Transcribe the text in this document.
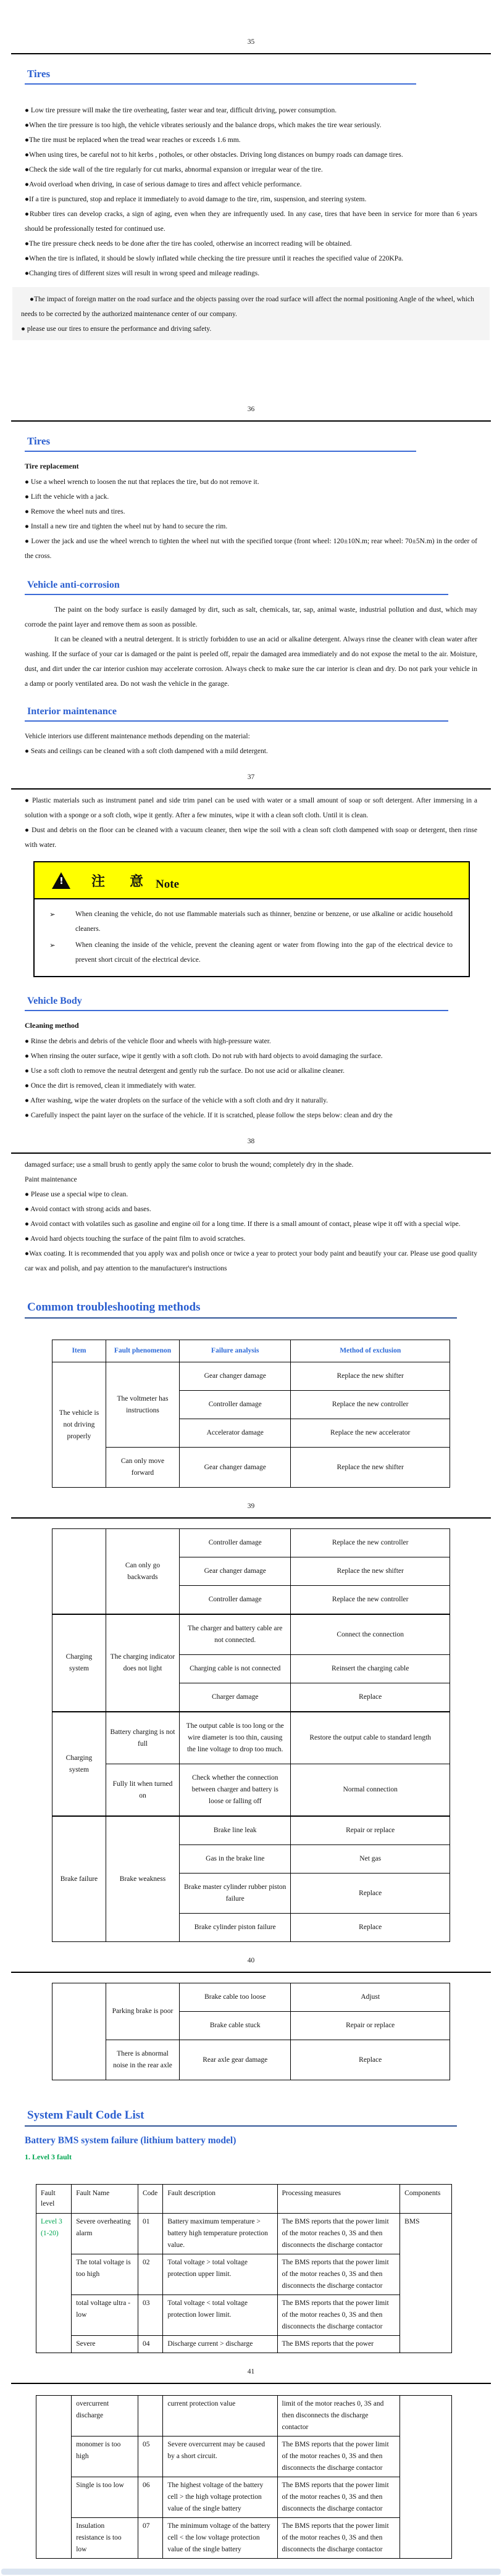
35
Tires

● Low tire pressure will make the tire overheating, faster wear and tear, difficult driving, power consumption.

●When the tire pressure is too high, the vehicle vibrates seriously and the balance drops, which makes the tire wear seriously.

●The tire must be replaced when the tread wear reaches or exceeds 1.6 mm.

●When using tires, be careful not to hit kerbs , potholes, or other obstacles. Driving long distances on bumpy roads can damage tires.

●Check the side wall of the tire regularly for cut marks, abnormal expansion or irregular wear of the tire.

●Avoid overload when driving, in case of serious damage to tires and affect vehicle performance.

●If a tire is punctured, stop and replace it immediately to avoid damage to the tire, rim, suspension, and steering system.

●Rubber tires can develop cracks, a sign of aging, even when they are infrequently used. In any case, tires that have been in service for more than 6 years should be professionally tested for continued use.

●The tire pressure check needs to be done after the tire has cooled, otherwise an incorrect reading will be obtained.

●When the tire is inflated, it should be slowly inflated while checking the tire pressure until it reaches the specified value of 220KPa.

●Changing tires of different sizes will result in wrong speed and mileage readings.

●The impact of foreign matter on the road surface and the objects passing over the road surface will affect the normal positioning Angle of the wheel, which needs to be corrected by the authorized maintenance center of our company.

● please use our tires to ensure the performance and driving safety.

36
Tires

Tire replacement

● Use a wheel wrench to loosen the nut that replaces the tire, but do not remove it.

● Lift the vehicle with a jack.

● Remove the wheel nuts and tires.

● Install a new tire and tighten the wheel nut by hand to secure the rim.

● Lower the jack and use the wheel wrench to tighten the wheel nut with the specified torque (front wheel: 120±10N.m; rear wheel: 70±5N.m) in the order of the cross.

Vehicle anti-corrosion

The paint on the body surface is easily damaged by dirt, such as salt, chemicals, tar, sap, animal waste, industrial pollution and dust, which may corrode the paint layer and remove them as soon as possible.

It can be cleaned with a neutral detergent. It is strictly forbidden to use an acid or alkaline detergent. Always rinse the cleaner with clean water after washing. If the surface of your car is damaged or the paint is peeled off, repair the damaged area immediately and do not expose the metal to the air. Moisture, dust, and dirt under the car interior cushion may accelerate corrosion. Always check to make sure the car interior is clean and dry. Do not park your vehicle in a damp or poorly ventilated area. Do not wash the vehicle in the garage.

Interior maintenance

Vehicle interiors use different maintenance methods depending on the material:

● Seats and ceilings can be cleaned with a soft cloth dampened with a mild detergent.

37

● Plastic materials such as instrument panel and side trim panel can be used with water or a small amount of soap or soft detergent. After immersing in a solution with a sponge or a soft cloth, wipe it gently. After a few minutes, wipe it with a clean soft cloth. Until it is clean.

● Dust and debris on the floor can be cleaned with a vacuum cleaner, then wipe the soil with a clean soft cloth dampened with soap or detergent, then rinse with water.

! 注 意 Note
➢	When cleaning the vehicle, do not use flammable materials such as thinner, benzine or benzene, or use alkaline or acidic household cleaners.

➢	When cleaning the inside of the vehicle, prevent the cleaning agent or water from flowing into the gap of the electrical device to prevent short circuit of the electrical device.

Vehicle Body

Cleaning method

● Rinse the debris and debris of the vehicle floor and wheels with high-pressure water.

● When rinsing the outer surface, wipe it gently with a soft cloth. Do not rub with hard objects to avoid damaging the surface.

● Use a soft cloth to remove the neutral detergent and gently rub the surface. Do not use acid or alkaline cleaner.

● Once the dirt is removed, clean it immediately with water.

● After washing, wipe the water droplets on the surface of the vehicle with a soft cloth and dry it naturally.

● Carefully inspect the paint layer on the surface of the vehicle. If it is scratched, please follow the steps below: clean and dry the

38

damaged surface; use a small brush to gently apply the same color to brush the wound; completely dry in the shade.

Paint maintenance

● Please use a special wipe to clean.

● Avoid contact with strong acids and bases.

● Avoid contact with volatiles such as gasoline and engine oil for a long time. If there is a small amount of contact, please wipe it off with a special wipe.

● Avoid hard objects touching the surface of the paint film to avoid scratches.

●Wax coating. It is recommended that you apply wax and polish once or twice a year to protect your body paint and beautify your car. Please use good quality car wax and polish, and pay attention to the manufacturer's instructions

Common troubleshooting methods
Item	Fault phenomenon	Failure analysis	Method of exclusion
The vehicle is not driving properly	The voltmeter has instructions	Gear changer damage	Replace the new shifter
		Controller damage	Replace the new controller
		Accelerator damage	Replace the new accelerator
	Can only move forward	Gear changer damage	Replace the new shifter
39
	Can only go backwards	Controller damage	Replace the new controller
		Gear changer damage	Replace the new shifter
		Controller damage	Replace the new controller
Charging system	The charging indicator does not light	The charger and battery cable are not connected.	Connect the connection
		Charging cable is not connected	Reinsert the charging cable
		Charger damage	Replace
Charging system	Battery charging is not full	The output cable is too long or the wire diameter is too thin, causing the line voltage to drop too much.	Restore the output cable to standard length
	Fully lit when turned on	Check whether the connection between charger and battery is loose or falling off	Normal connection
Brake failure	Brake weakness	Brake line leak	Repair or replace
		Gas in the brake line	Net gas
		Brake master cylinder rubber piston failure	Replace
		Brake cylinder piston failure	Replace
40
	Parking brake is poor	Brake cable too loose	Adjust
		Brake cable stuck	Repair or replace
	There is abnormal noise in the rear axle	Rear axle gear damage	Replace
System Fault Code List

Battery BMS system failure (lithium battery model)

1. Level 3 fault

Fault level	Fault Name	Code	Fault description	Processing measures	Components

Level 3
(1-20)	Severe overheating alarm	01	Battery maximum temperature > battery high temperature protection value.	The BMS reports that the power limit of the motor reaches 0, 3S and then disconnects the discharge contactor	BMS
	The total voltage is too high	02	Total voltage > total voltage protection upper limit.	The BMS reports that the power limit of the motor reaches 0, 3S and then disconnects the discharge contactor	
	total voltage ultra -low	03	Total voltage < total voltage protection lower limit.	The BMS reports that the power limit of the motor reaches 0, 3S and then disconnects the discharge contactor	
	Severe	04	Discharge current > discharge	The BMS reports that the power	
41
	overcurrent discharge		current protection value	limit of the motor reaches 0, 3S and then disconnects the discharge contactor	
	monomer is too high	05	Severe overcurrent may be caused by a short circuit.	The BMS reports that the power limit of the motor reaches 0, 3S and then disconnects the discharge contactor	
	Single is too low	06	The highest voltage of the battery cell > the high voltage protection value of the single battery	The BMS reports that the power limit of the motor reaches 0, 3S and then disconnects the discharge contactor	
	Insulation resistance is too low	07	The minimum voltage of the battery cell < the low voltage protection value of the single battery	The BMS reports that the power limit of the motor reaches 0, 3S and then disconnects the discharge contactor	
